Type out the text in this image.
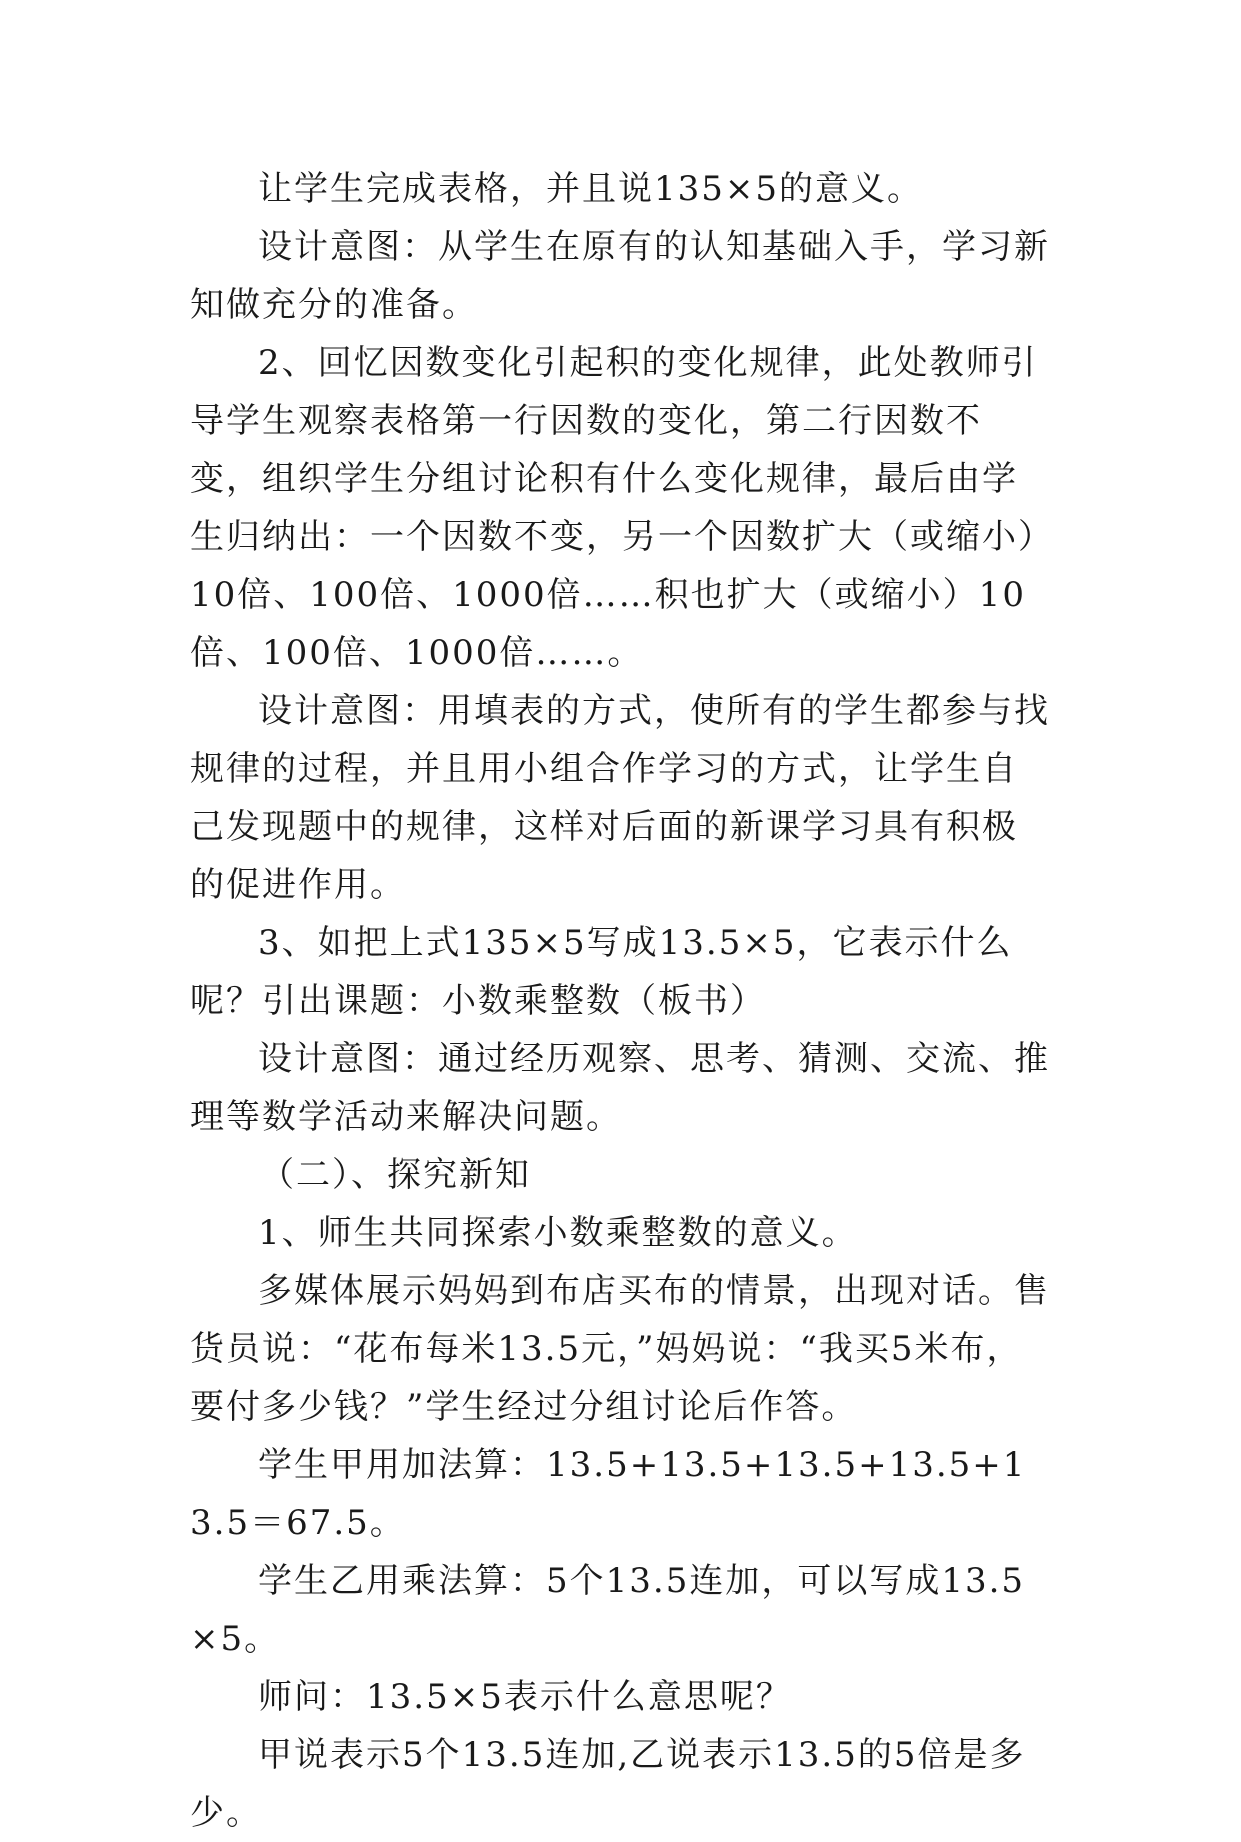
让学生完成表格，并且说135×5的意义。

设计意图：从学生在原有的认知基础入手，学习新知做充分的准备。

2、回忆因数变化引起积的变化规律，此处教师引导学生观察表格第一行因数的变化，第二行因数不变，组织学生分组讨论积有什么变化规律，最后由学生归纳出：一个因数不变，另一个因数扩大（或缩小）10倍、100倍、1000倍……积也扩大（或缩小）10倍、100倍、1000倍……。

设计意图：用填表的方式，使所有的学生都参与找规律的过程，并且用小组合作学习的方式，让学生自己发现题中的规律，这样对后面的新课学习具有积极的促进作用。

3、如把上式135×5写成13.5×5，它表示什么呢？引出课题：小数乘整数（板书）

设计意图：通过经历观察、思考、猜测、交流、推理等数学活动来解决问题。

（二）、探究新知

1、师生共同探索小数乘整数的意义。

多媒体展示妈妈到布店买布的情景，出现对话。售货员说：“花布每米13.5元，”妈妈说：“我买5米布，要付多少钱？”学生经过分组讨论后作答。

学生甲用加法算：13.5+13.5+13.5+13.5+13.5＝67.5。

学生乙用乘法算：5个13.5连加，可以写成13.5×5。

师问：13.5×5表示什么意思呢？

甲说表示5个13.5连加,乙说表示13.5的5倍是多少。
